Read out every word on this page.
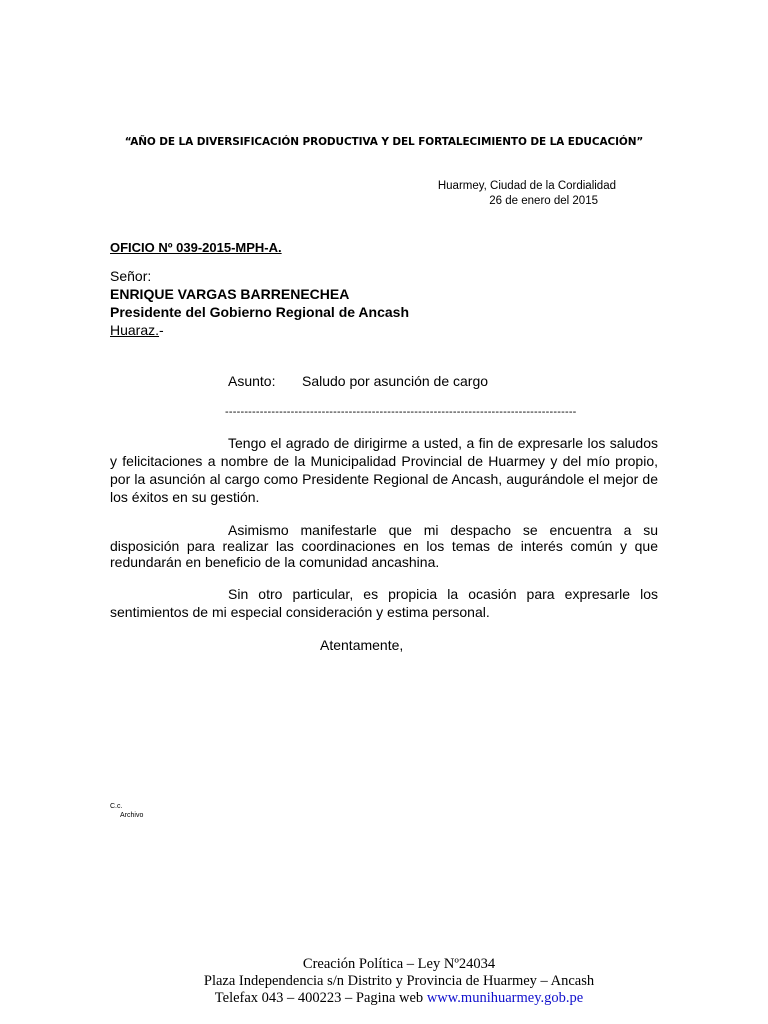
“AÑO DE LA DIVERSIFICACIÓN PRODUCTIVA Y DEL FORTALECIMIENTO DE LA EDUCACIÓN”
Huarmey, Ciudad de la Cordialidad
26 de enero del 2015
OFICIO Nº 039-2015-MPH-A.
Señor:
ENRIQUE VARGAS BARRENECHEA
Presidente del Gobierno Regional de Ancash
Huaraz.-
Asunto: Saludo por asunción de cargo
-------------------------------------------------------------------------------------------
Tengo el agrado de dirigirme a usted, a fin de expresarle los saludos y felicitaciones a nombre de la Municipalidad Provincial de Huarmey y del mío propio, por la asunción al cargo como Presidente Regional de Ancash, augurándole el mejor de los éxitos en su gestión.
Asimismo manifestarle que mi despacho se encuentra a su disposición para realizar las coordinaciones en los temas de interés común y que redundarán en beneficio de la comunidad ancashina.
Sin otro particular, es propicia la ocasión para expresarle los sentimientos de mi especial consideración y estima personal.
Atentamente,
C.c.
Archivo
Creación Política – Ley Nº24034
Plaza Independencia s/n Distrito y Provincia de Huarmey – Ancash
Telefax 043 – 400223 – Pagina web www.munihuarmey.gob.pe
